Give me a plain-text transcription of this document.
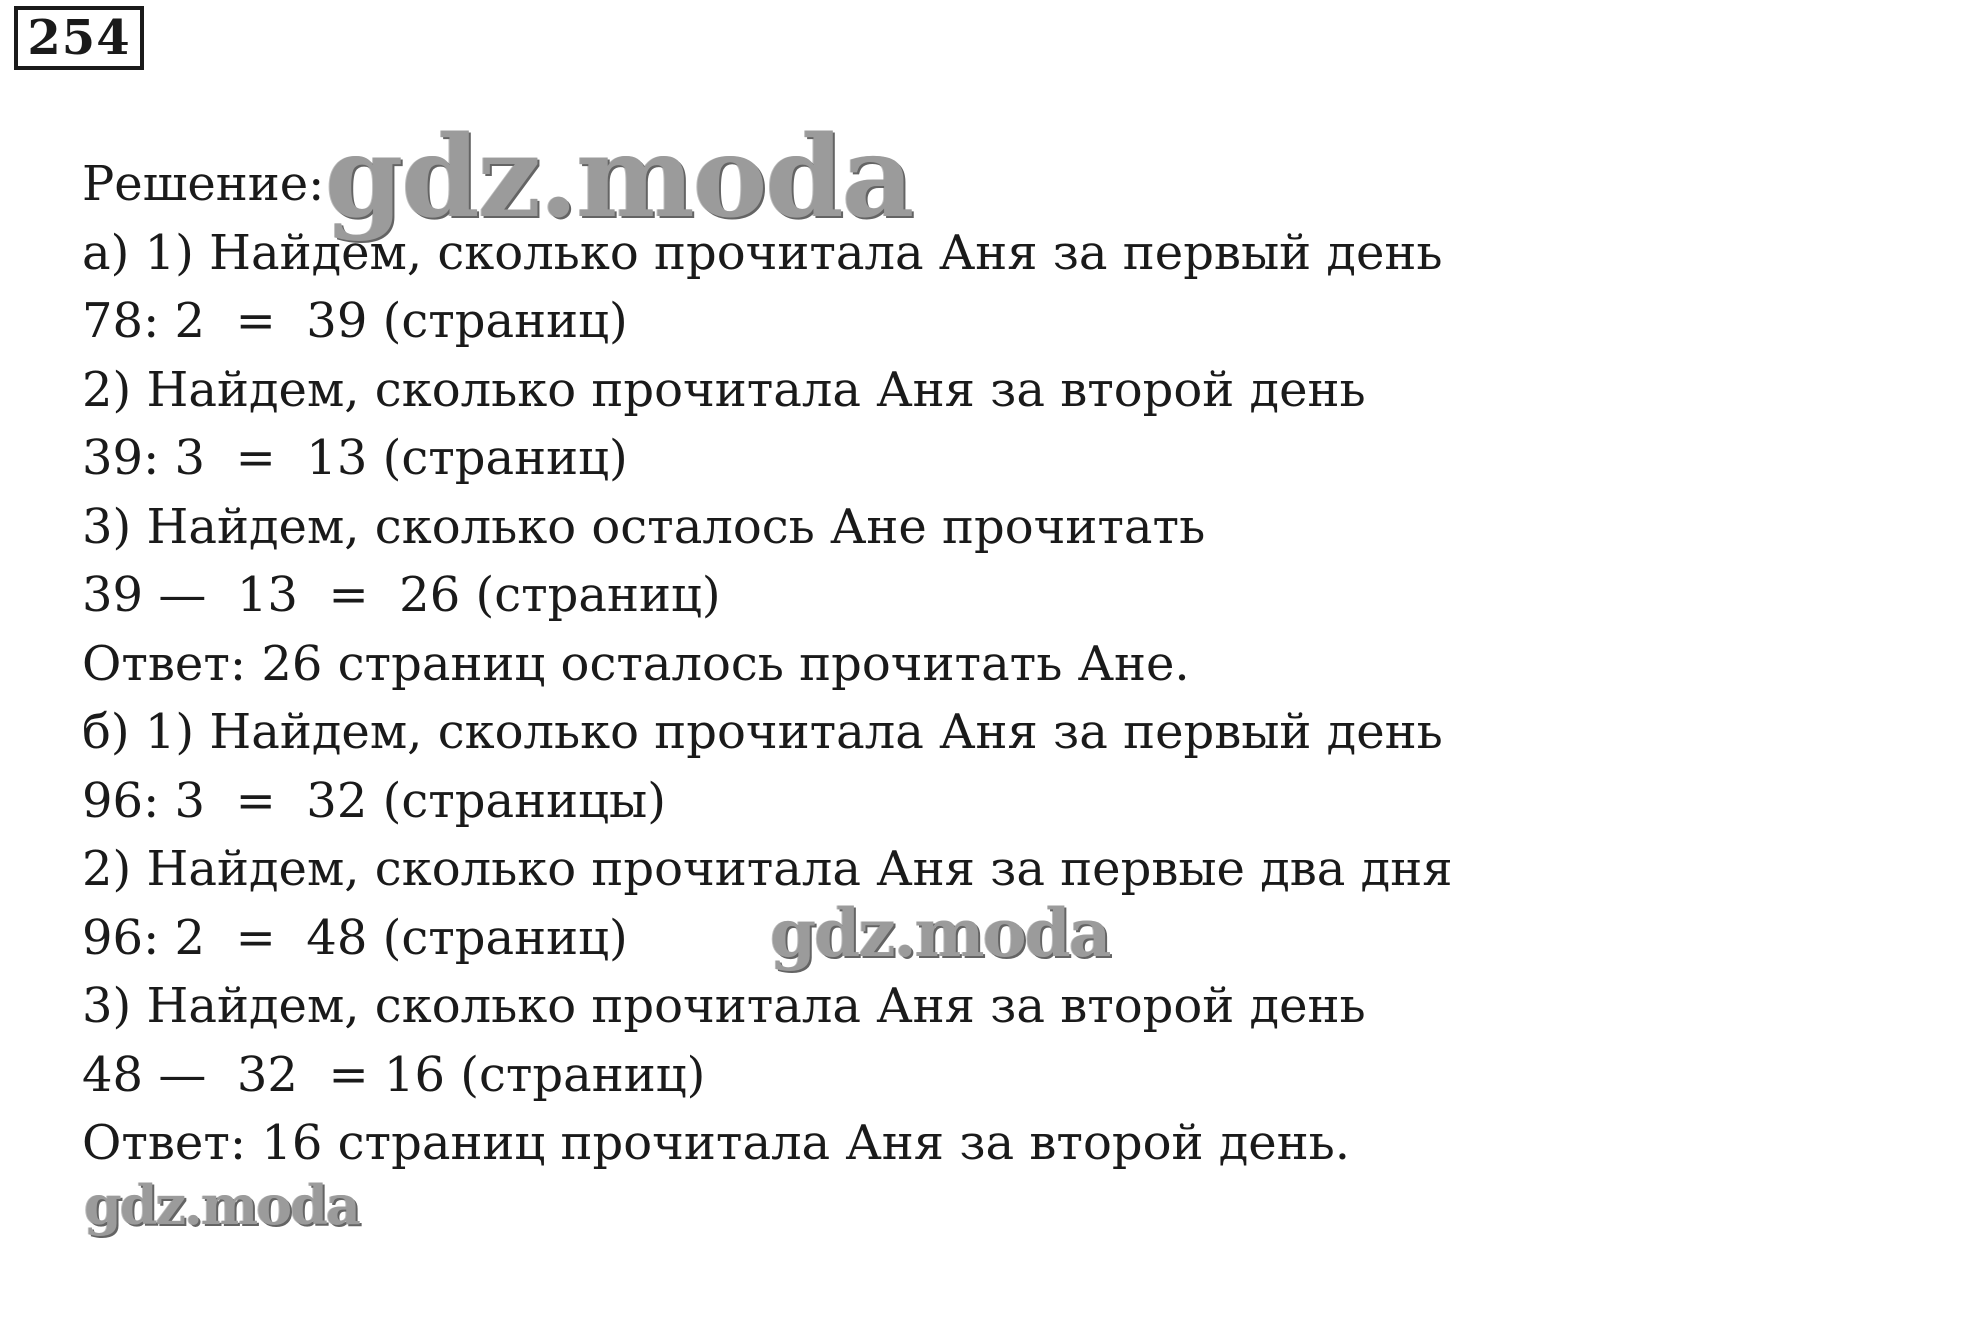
254
Решение:
а) 1) Найдем, сколько прочитала Аня за первый день
78: 2  =  39 (страниц)
2) Найдем, сколько прочитала Аня за второй день
39: 3  =  13 (страниц)
3) Найдем, сколько осталось Ане прочитать
39 —  13  =  26 (страниц)
Ответ: 26 страниц осталось прочитать Ане.
б) 1) Найдем, сколько прочитала Аня за первый день
96: 3  =  32 (страницы)
2) Найдем, сколько прочитала Аня за первые два дня
96: 2  =  48 (страниц)
3) Найдем, сколько прочитала Аня за второй день
48 —  32  = 16 (страниц)
Ответ: 16 страниц прочитала Аня за второй день.
gdz.moda
gdz.moda
gdz.moda
